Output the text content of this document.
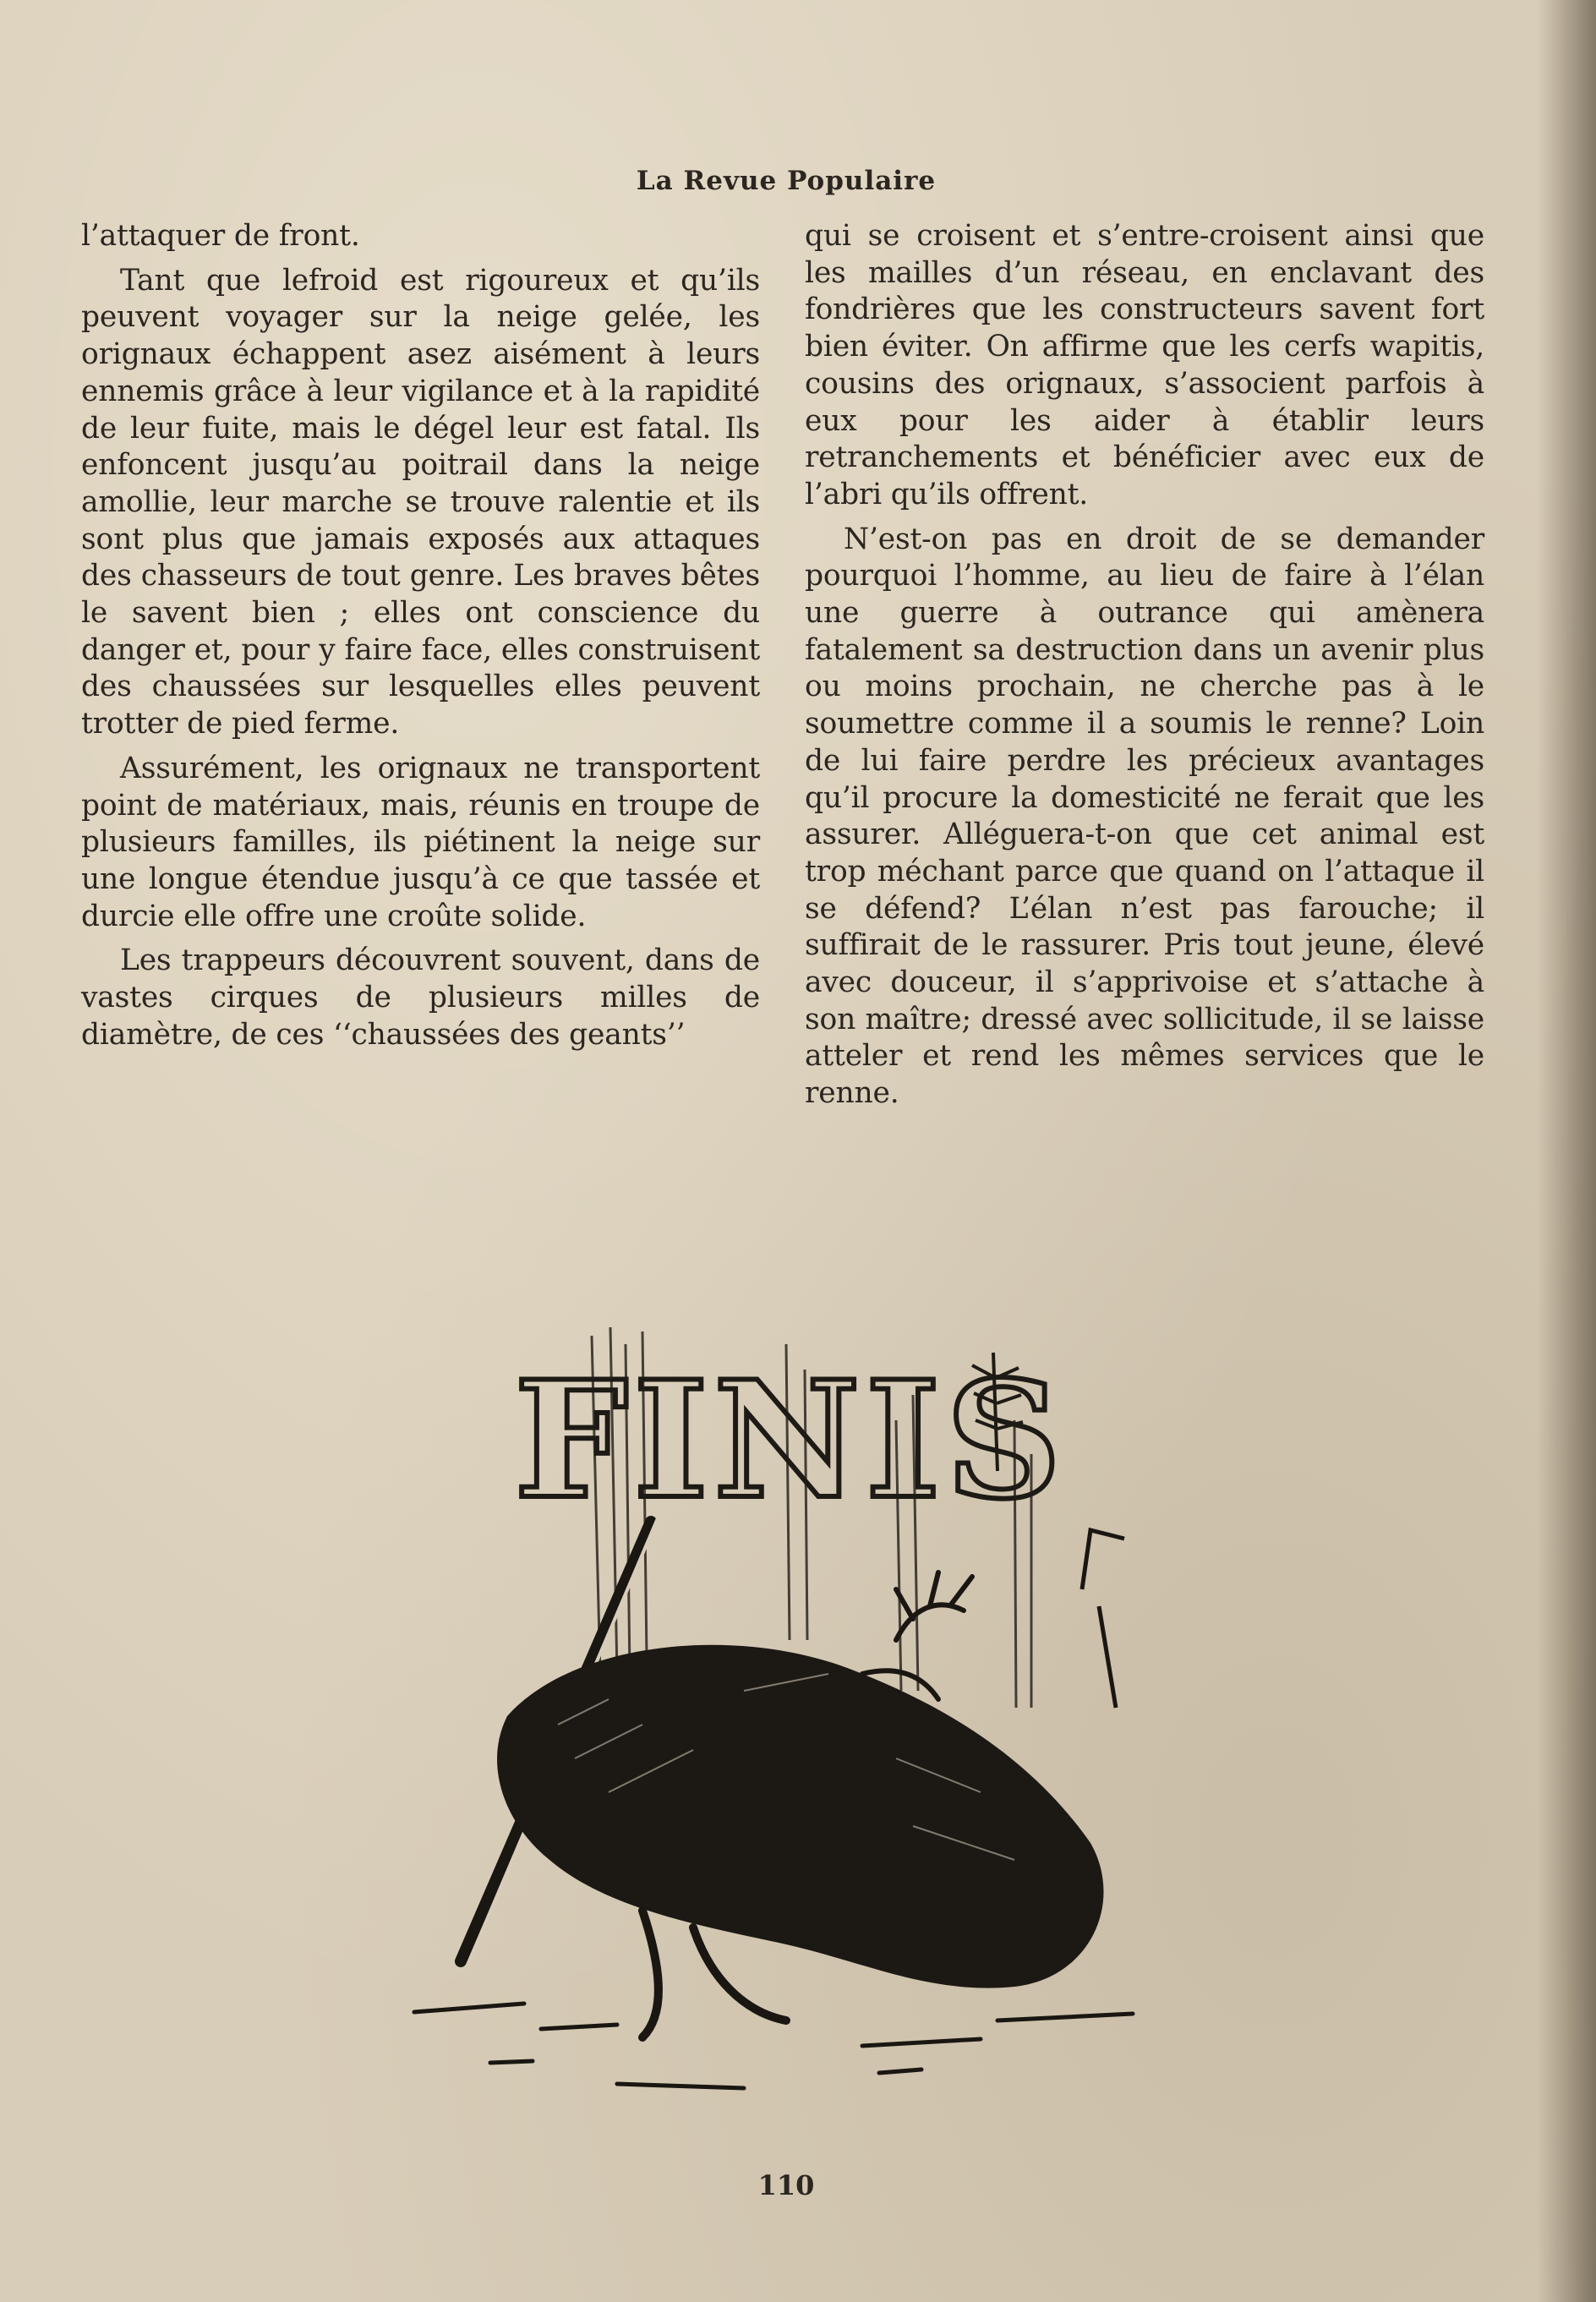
La Revue Populaire

l’attaquer de front.

Tant que lefroid est rigoureux et qu’ils peuvent voyager sur la neige gelée, les orignaux échappent asez aisément à leurs ennemis grâce à leur vigilance et à la rapidité de leur fuite, mais le dégel leur est fatal. Ils enfoncent jusqu’au poitrail dans la neige amollie, leur marche se trouve ralentie et ils sont plus que jamais exposés aux attaques des chasseurs de tout genre. Les braves bêtes le savent bien ; elles ont conscience du danger et, pour y faire face, elles construisent des chaussées sur lesquelles elles peuvent trotter de pied ferme.

Assurément, les orignaux ne transportent point de matériaux, mais, réunis en troupe de plusieurs familles, ils piétinent la neige sur une longue étendue jusqu’à ce que tassée et durcie elle offre une croûte solide.

Les trappeurs découvrent souvent, dans de vastes cirques de plusieurs milles de diamètre, de ces ‘‘chaussées des geants’’

qui se croisent et s’entre-croisent ainsi que les mailles d’un réseau, en enclavant des fondrières que les constructeurs savent fort bien éviter. On affirme que les cerfs wapitis, cousins des orignaux, s’associent parfois à eux pour les aider à établir leurs retranchements et bénéficier avec eux de l’abri qu’ils offrent.

N’est-on pas en droit de se demander pourquoi l’homme, au lieu de faire à l’élan une guerre à outrance qui amènera fatalement sa destruction dans un avenir plus ou moins prochain, ne cherche pas à le soumettre comme il a soumis le renne? Loin de lui faire perdre les précieux avantages qu’il procure la domesticité ne ferait que les assurer. Alléguera-t-on que cet animal est trop méchant parce que quand on l’attaque il se défend? L’élan n’est pas farouche; il suffirait de le rassurer. Pris tout jeune, élevé avec douceur, il s’apprivoise et s’attache à son maître; dressé avec sollicitude, il se laisse atteler et rend les mêmes services que le renne.

FINIS
110
